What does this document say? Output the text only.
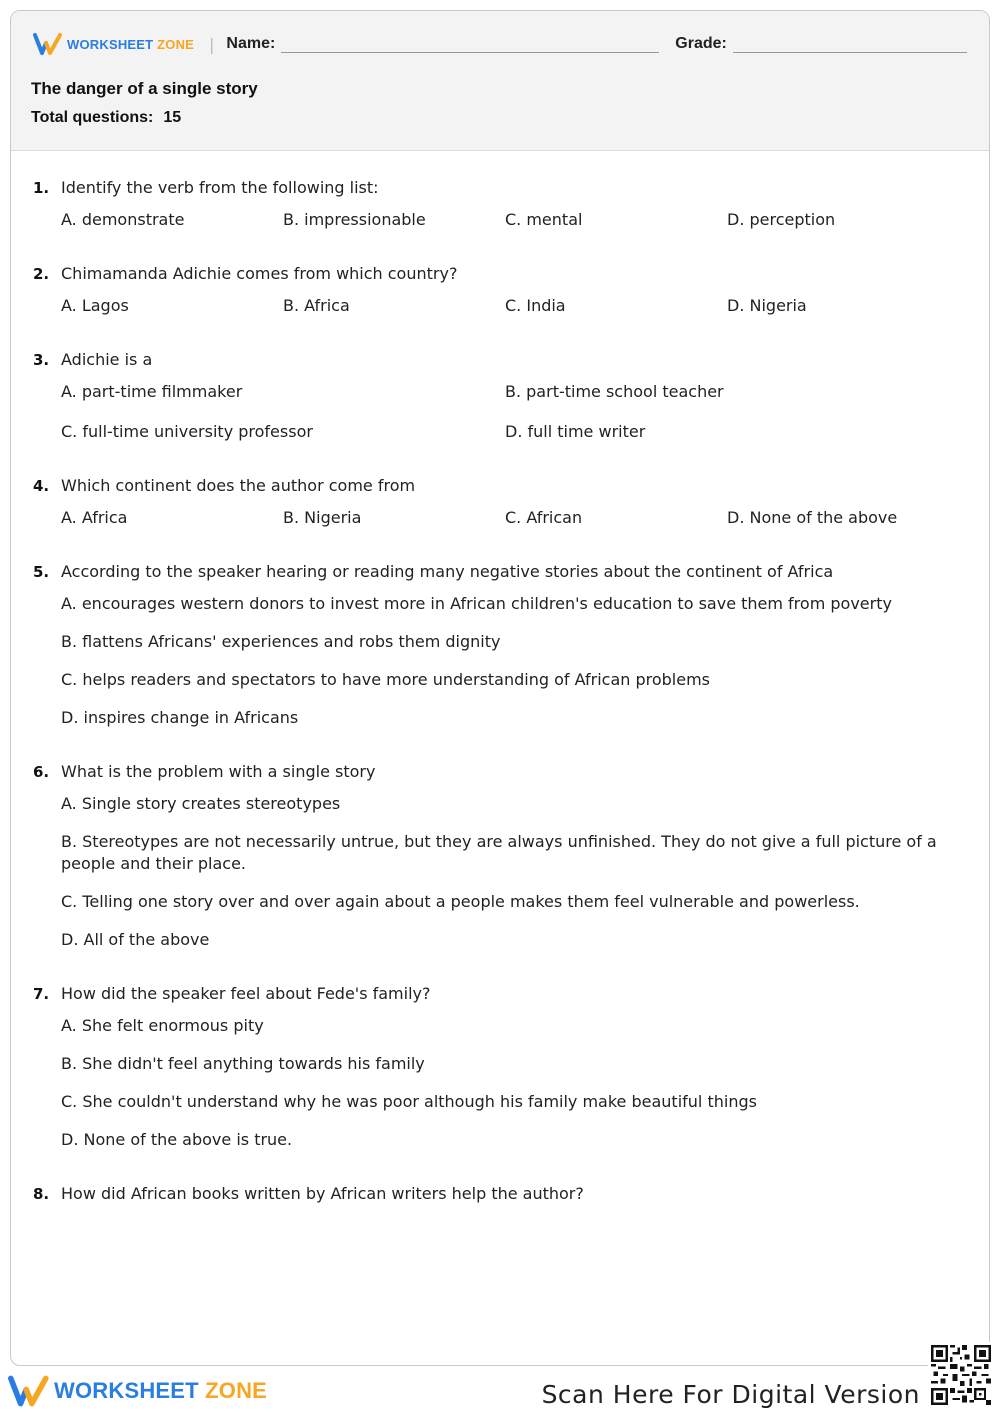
WORKSHEET ZONE | Name:	Grade:
The danger of a single story
Total questions: 15
1. Identify the verb from the following list:
A. demonstrate	B. impressionable	C. mental	D. perception
2. Chimamanda Adichie comes from which country?
A. Lagos	B. Africa	C. India	D. Nigeria
3. Adichie is a
A. part-time filmmaker	B. part-time school teacher
C. full-time university professor	D. full time writer
4. Which continent does the author come from
A. Africa	B. Nigeria	C. African	D. None of the above
5. According to the speaker hearing or reading many negative stories about the continent of Africa
A. encourages western donors to invest more in African children's education to save them from poverty
B. flattens Africans' experiences and robs them dignity
C. helps readers and spectators to have more understanding of African problems
D. inspires change in Africans
6. What is the problem with a single story
A. Single story creates stereotypes
B. Stereotypes are not necessarily untrue, but they are always unfinished. They do not give a full picture of a people and their place.
C. Telling one story over and over again about a people makes them feel vulnerable and powerless.
D. All of the above
7. How did the speaker feel about Fede's family?
A. She felt enormous pity
B. She didn't feel anything towards his family
C. She couldn't understand why he was poor although his family make beautiful things
D. None of the above is true.
8. How did African books written by African writers help the author?
WORKSHEET ZONE	Scan Here For Digital Version
